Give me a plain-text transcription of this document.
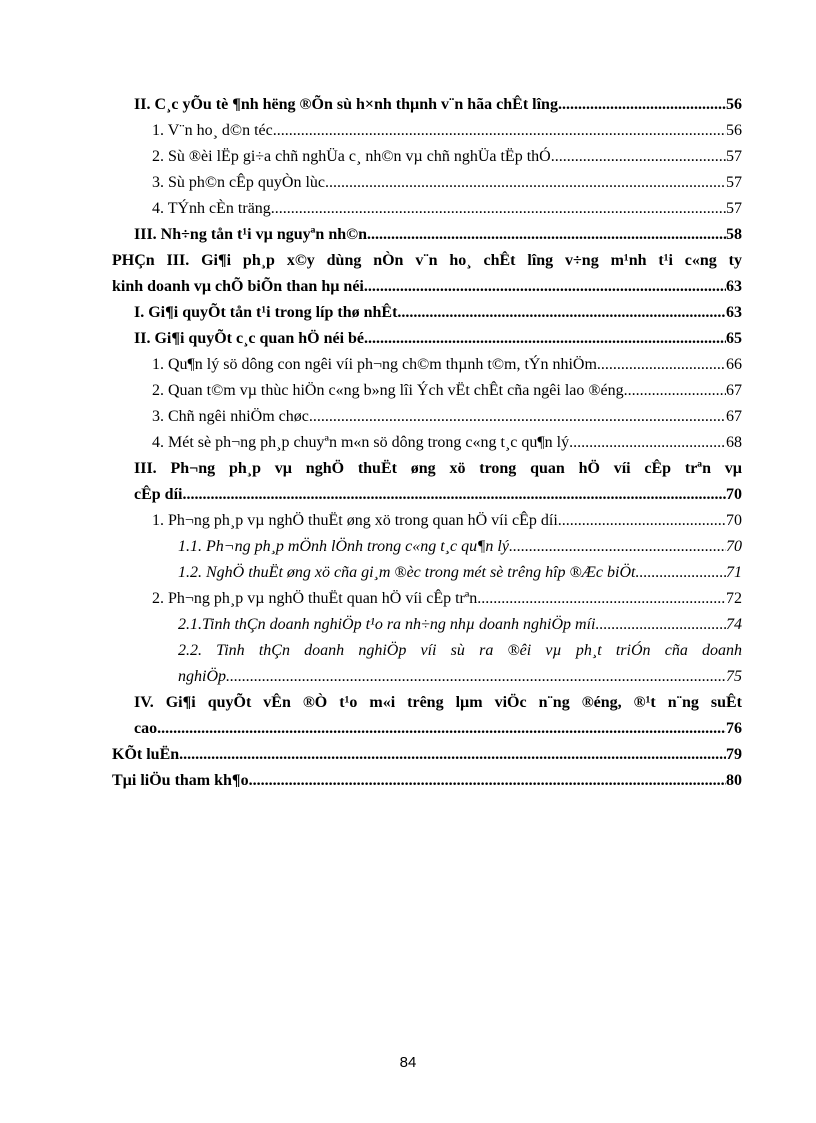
II. C¸c yÕu tè ¶nh hëng ®Õn sù h×nh thµnh v¨n hãa chÊt lîng .....	56
1. V¨n ho¸ d©n téc .....	56
2. Sù ®èi lËp gi÷a chñ nghÜa c¸ nh©n vµ chñ nghÜa tËp thÓ .....	57
3. Sù ph©n cÊp quyÒn lùc .....	57
4. TÝnh cÈn träng .....	57
III. Nh÷ng tån t¹i vµ nguyªn nh©n .....	58
PHÇn III. Gi¶i ph¸p x©y dùng nÒn v¨n ho¸ chÊt lîng v÷ng m¹nh t¹i c«ng ty
kinh doanh vµ chÕ biÕn than hµ néi .....	63
I. Gi¶i quyÕt tån t¹i trong líp thø nhÊt .....	63
II. Gi¶i quyÕt c¸c quan hÖ néi bé .....	65
1. Qu¶n lý sö dông con ngêi víi ph¬ng ch©m thµnh t©m, tÝn nhiÖm .....	66
2. Quan t©m vµ thùc hiÖn c«ng b»ng lîi Ých vËt chÊt cña ngêi lao ®éng .....	67
3. Chñ ngêi nhiÖm chøc .....	67
4. Mét sè ph¬ng ph¸p chuyªn m«n sö dông trong c«ng t¸c qu¶n lý .....	68
III. Ph¬ng ph¸p vµ nghÖ thuËt øng xö trong quan hÖ víi cÊp trªn vµ
cÊp díi .....	70
1. Ph¬ng ph¸p vµ nghÖ thuËt øng xö trong quan hÖ víi cÊp díi .....	70
1.1. Ph¬ng ph¸p mÖnh lÖnh trong c«ng t¸c qu¶n lý .....	70
1.2. NghÖ thuËt øng xö cña gi¸m ®èc trong mét sè trêng hîp ®Æc biÖt .....	71
2. Ph¬ng ph¸p vµ nghÖ thuËt quan hÖ víi cÊp trªn .....	72
2.1.Tinh thÇn doanh nghiÖp t¹o ra nh÷ng nhµ doanh nghiÖp míi .....	74
2.2. Tinh thÇn doanh nghiÖp víi sù ra ®êi vµ ph¸t triÓn cña doanh
nghiÖp .....	75
IV. Gi¶i quyÕt vÊn ®Ò t¹o m«i trêng lµm viÖc n¨ng ®éng, ®¹t n¨ng suÊt
cao .....	76
KÕt luËn .....	79
Tµi liÖu tham kh¶o .....	80
84
